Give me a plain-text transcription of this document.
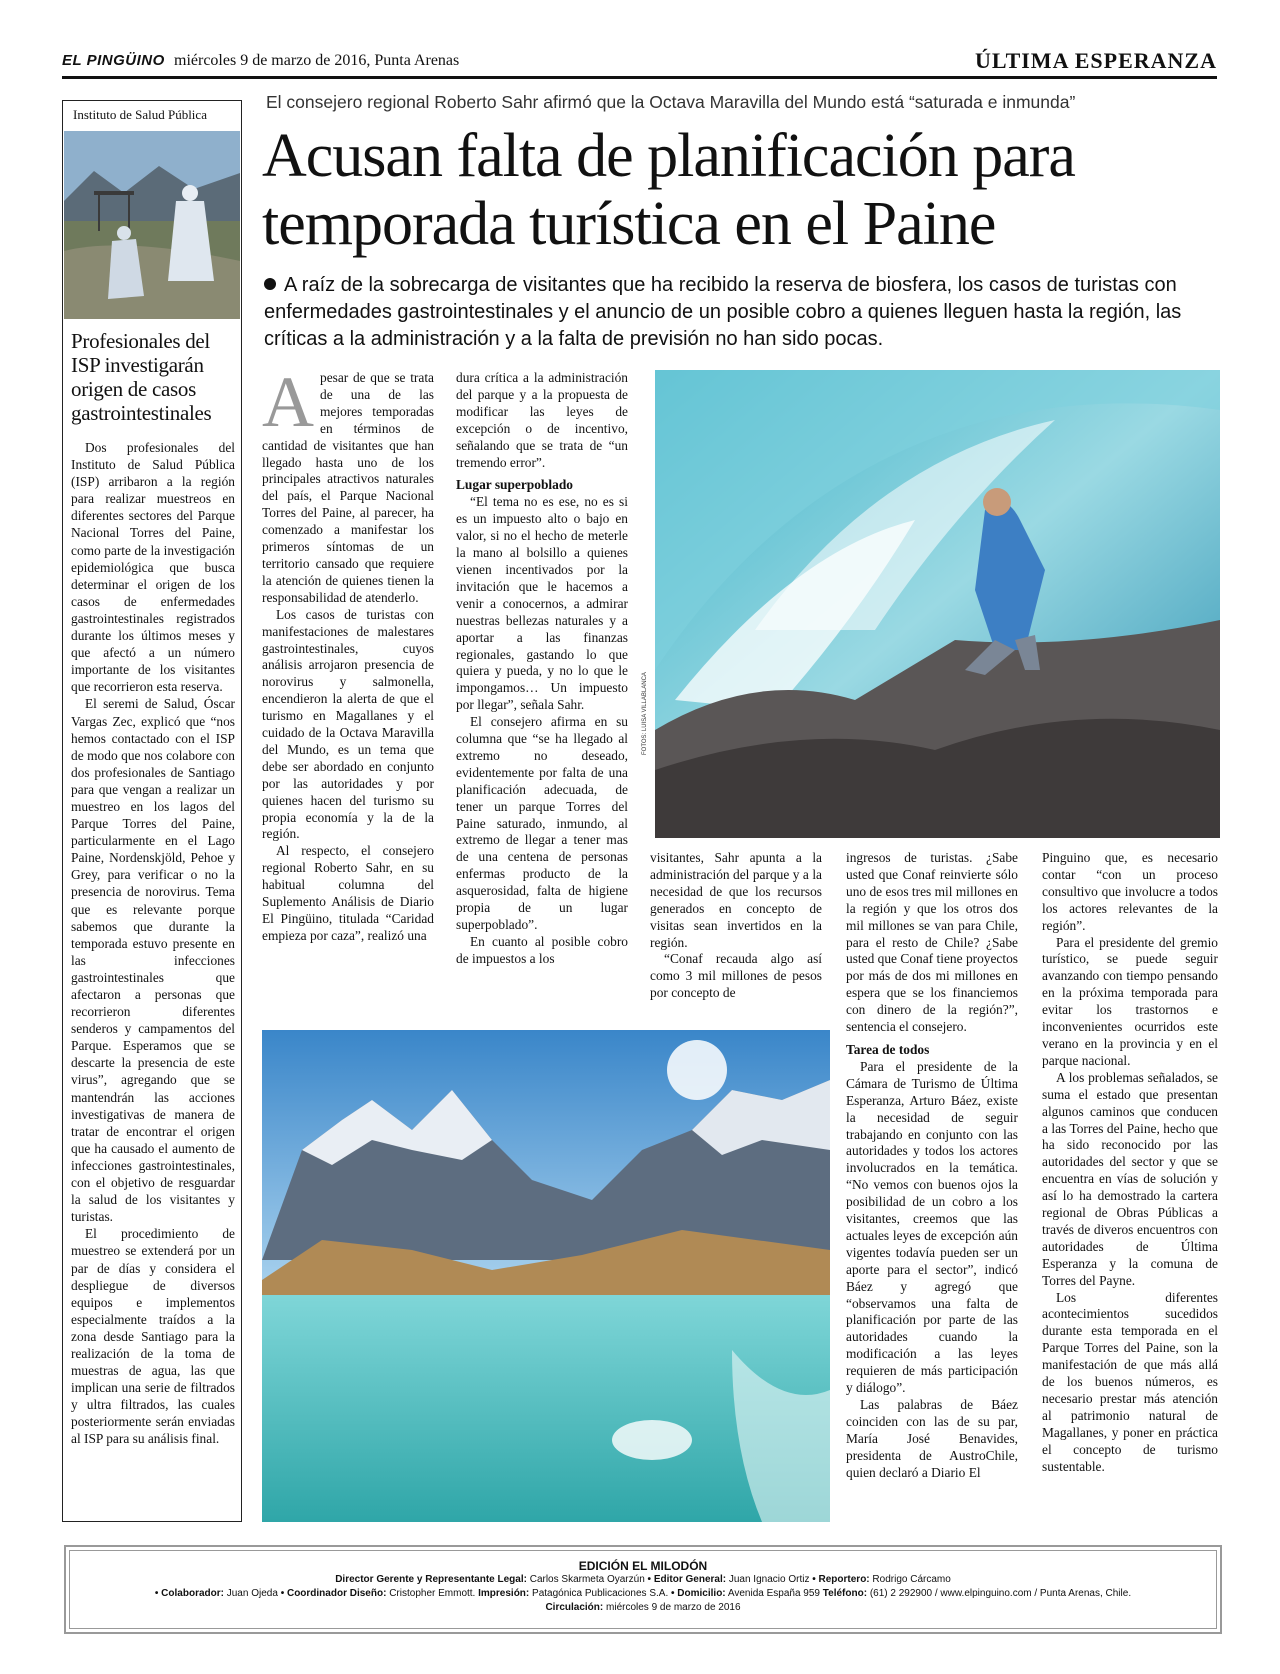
EL PINGÜINO miércoles 9 de marzo de 2016, Punta Arenas	ÚLTIMA ESPERANZA
Instituto de Salud Pública
Profesionales del ISP investigarán origen de casos gastrointestinales

Dos profesionales del Instituto de Salud Pública (ISP) arribaron a la región para realizar muestreos en diferentes sectores del Parque Nacional Torres del Paine, como parte de la investigación epidemiológica que busca determinar el origen de los casos de enfermedades gastrointestinales registrados durante los últimos meses y que afectó a un número importante de los visitantes que recorrieron esta reserva.

El seremi de Salud, Óscar Vargas Zec, explicó que “nos hemos contactado con el ISP de modo que nos colabore con dos profesionales de Santiago para que vengan a realizar un muestreo en los lagos del Parque Torres del Paine, particularmente en el Lago Paine, Nordenskjöld, Pehoe y Grey, para verificar o no la presencia de norovirus. Tema que es relevante porque sabemos que durante la temporada estuvo presente en las infecciones gastrointestinales que afectaron a personas que recorrieron diferentes senderos y campamentos del Parque. Esperamos que se descarte la presencia de este virus”, agregando que se mantendrán las acciones investigativas de manera de tratar de encontrar el origen que ha causado el aumento de infecciones gastrointestinales, con el objetivo de resguardar la salud de los visitantes y turistas.

El procedimiento de muestreo se extenderá por un par de días y considera el despliegue de diversos equipos e implementos especialmente traídos a la zona desde Santiago para la realización de la toma de muestras de agua, las que implican una serie de filtrados y ultra filtrados, las cuales posteriormente serán enviadas al ISP para su análisis final.

El consejero regional Roberto Sahr afirmó que la Octava Maravilla del Mundo está “saturada e inmunda”
Acusan falta de planificación para
temporada turística en el Paine
A raíz de la sobrecarga de visitantes que ha recibido la reserva de biosfera, los casos de turistas con enfermedades gastrointestinales y el anuncio de un posible cobro a quienes lleguen hasta la región, las críticas a la administración y a la falta de previsión no han sido pocas.

Apesar de que se trata de una de las mejores temporadas en términos de cantidad de visitantes que han llegado hasta uno de los principales atractivos naturales del país, el Parque Nacional Torres del Paine, al parecer, ha comenzado a manifestar los primeros síntomas de un territorio cansado que requiere la atención de quienes tienen la responsabilidad de atenderlo.

Los casos de turistas con manifestaciones de malestares gastrointestinales, cuyos análisis arrojaron presencia de norovirus y salmonella, encendieron la alerta de que el turismo en Magallanes y el cuidado de la Octava Maravilla del Mundo, es un tema que debe ser abordado en conjunto por las autoridades y por quienes hacen del turismo su propia economía y la de la región.

Al respecto, el consejero regional Roberto Sahr, en su habitual columna del Suplemento Análisis de Diario El Pingüino, titulada “Caridad empieza por caza”, realizó una

dura crítica a la administración del parque y a la propuesta de modificar las leyes de excepción o de incentivo, señalando que se trata de “un tremendo error”.

Lugar superpoblado

“El tema no es ese, no es si es un impuesto alto o bajo en valor, si no el hecho de meterle la mano al bolsillo a quienes vienen incentivados por la invitación que le hacemos a venir a conocernos, a admirar nuestras bellezas naturales y a aportar a las finanzas regionales, gastando lo que quiera y pueda, y no lo que le impongamos… Un impuesto por llegar”, señala Sahr.

El consejero afirma en su columna que “se ha llegado al extremo no deseado, evidentemente por falta de una planificación adecuada, de tener un parque Torres del Paine saturado, inmundo, al extremo de llegar a tener mas de una centena de personas enfermas producto de la asquerosidad, falta de higiene propia de un lugar superpoblado”.

En cuanto al posible cobro de impuestos a los

FOTOS: LUISA VILLABLANCA

visitantes, Sahr apunta a la administración del parque y a la necesidad de que los recursos generados en concepto de visitas sean invertidos en la región.

“Conaf recauda algo así como 3 mil millones de pesos por concepto de

ingresos de turistas. ¿Sabe usted que Conaf reinvierte sólo uno de esos tres mil millones en la región y que los otros dos mil millones se van para Chile, para el resto de Chile? ¿Sabe usted que Conaf tiene proyectos por más de dos mi millones en espera que se los financiemos con dinero de la región?”, sentencia el consejero.

Tarea de todos

Para el presidente de la Cámara de Turismo de Última Esperanza, Arturo Báez, existe la necesidad de seguir trabajando en conjunto con las autoridades y todos los actores involucrados en la temática. “No vemos con buenos ojos la posibilidad de un cobro a los visitantes, creemos que las actuales leyes de excepción aún vigentes todavía pueden ser un aporte para el sector”, indicó Báez y agregó que “observamos una falta de planificación por parte de las autoridades cuando la modificación a las leyes requieren de más participación y diálogo”.

Las palabras de Báez coinciden con las de su par, María José Benavides, presidenta de AustroChile, quien declaró a Diario El

Pinguino que, es necesario contar “con un proceso consultivo que involucre a todos los actores relevantes de la región”.

Para el presidente del gremio turístico, se puede seguir avanzando con tiempo pensando en la próxima temporada para evitar los trastornos e inconvenientes ocurridos este verano en la provincia y en el parque nacional.

A los problemas señalados, se suma el estado que presentan algunos caminos que conducen a las Torres del Paine, hecho que ha sido reconocido por las autoridades del sector y que se encuentra en vías de solución y así lo ha demostrado la cartera regional de Obras Públicas a través de diveros encuentros con autoridades de Última Esperanza y la comuna de Torres del Payne.

Los diferentes acontecimientos sucedidos durante esta temporada en el Parque Torres del Paine, son la manifestación de que más allá de los buenos números, es necesario prestar más atención al patrimonio natural de Magallanes, y poner en práctica el concepto de turismo sustentable.

EDICIÓN EL MILODÓN
Director Gerente y Representante Legal: Carlos Skarmeta Oyarzún • Editor General: Juan Ignacio Ortiz • Reportero: Rodrigo Cárcamo
• Colaborador: Juan Ojeda • Coordinador Diseño: Cristopher Emmott. Impresión: Patagónica Publicaciones S.A. • Domicilio: Avenida España 959 Teléfono: (61) 2 292900 / www.elpinguino.com / Punta Arenas, Chile.
Circulación: miércoles 9 de marzo de 2016
